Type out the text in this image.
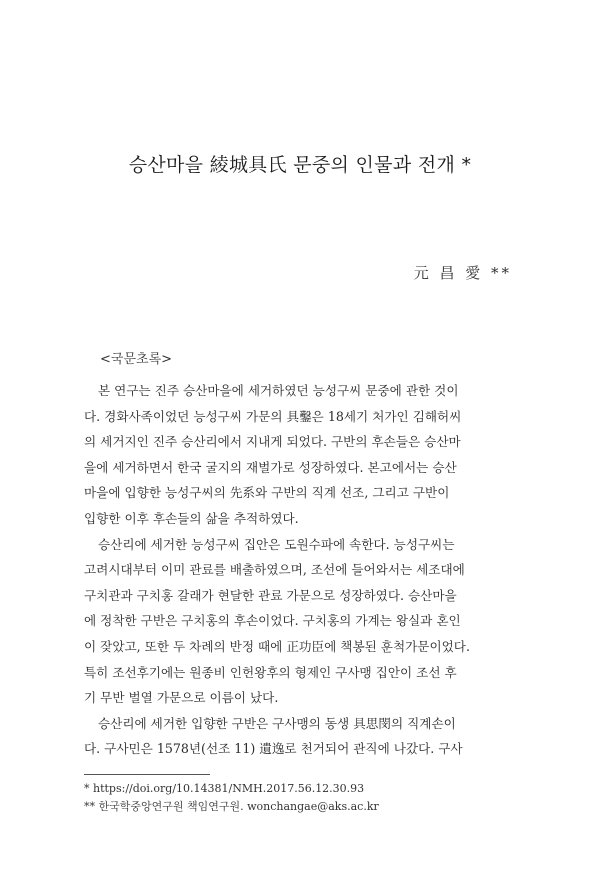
승산마을 綾城具氏 문중의 인물과 전개 *
元 昌 愛 **
<국문초록>

본 연구는 진주 승산마을에 세거하였던 능성구씨 문중에 관한 것이
다. 경화사족이었던 능성구씨 가문의 具鑿은 18세기 처가인 김해허씨
의 세거지인 진주 승산리에서 지내게 되었다. 구반의 후손들은 승산마
을에 세거하면서 한국 굴지의 재벌가로 성장하였다. 본고에서는 승산
마을에 입향한 능성구씨의 先系와 구반의 직계 선조, 그리고 구반이
입향한 이후 후손들의 삶을 추적하였다.

승산리에 세거한 능성구씨 집안은 도원수파에 속한다. 능성구씨는
고려시대부터 이미 관료를 배출하였으며, 조선에 들어와서는 세조대에
구치관과 구치홍 갈래가 현달한 관료 가문으로 성장하였다. 승산마을
에 정착한 구반은 구치홍의 후손이었다. 구치홍의 가계는 왕실과 혼인
이 잦았고, 또한 두 차례의 반정 때에 正功臣에 책봉된 훈척가문이었다.
특히 조선후기에는 원종비 인헌왕후의 형제인 구사맹 집안이 조선 후
기 무반 벌열 가문으로 이름이 났다.

승산리에 세거한 입향한 구반은 구사맹의 동생 具思閔의 직계손이
다. 구사민은 1578년(선조 11) 遺逸로 천거되어 관직에 나갔다. 구사

* https://doi.org/10.14381/NMH.2017.56.12.30.93
** 한국학중앙연구원 책임연구원. wonchangae@aks.ac.kr
